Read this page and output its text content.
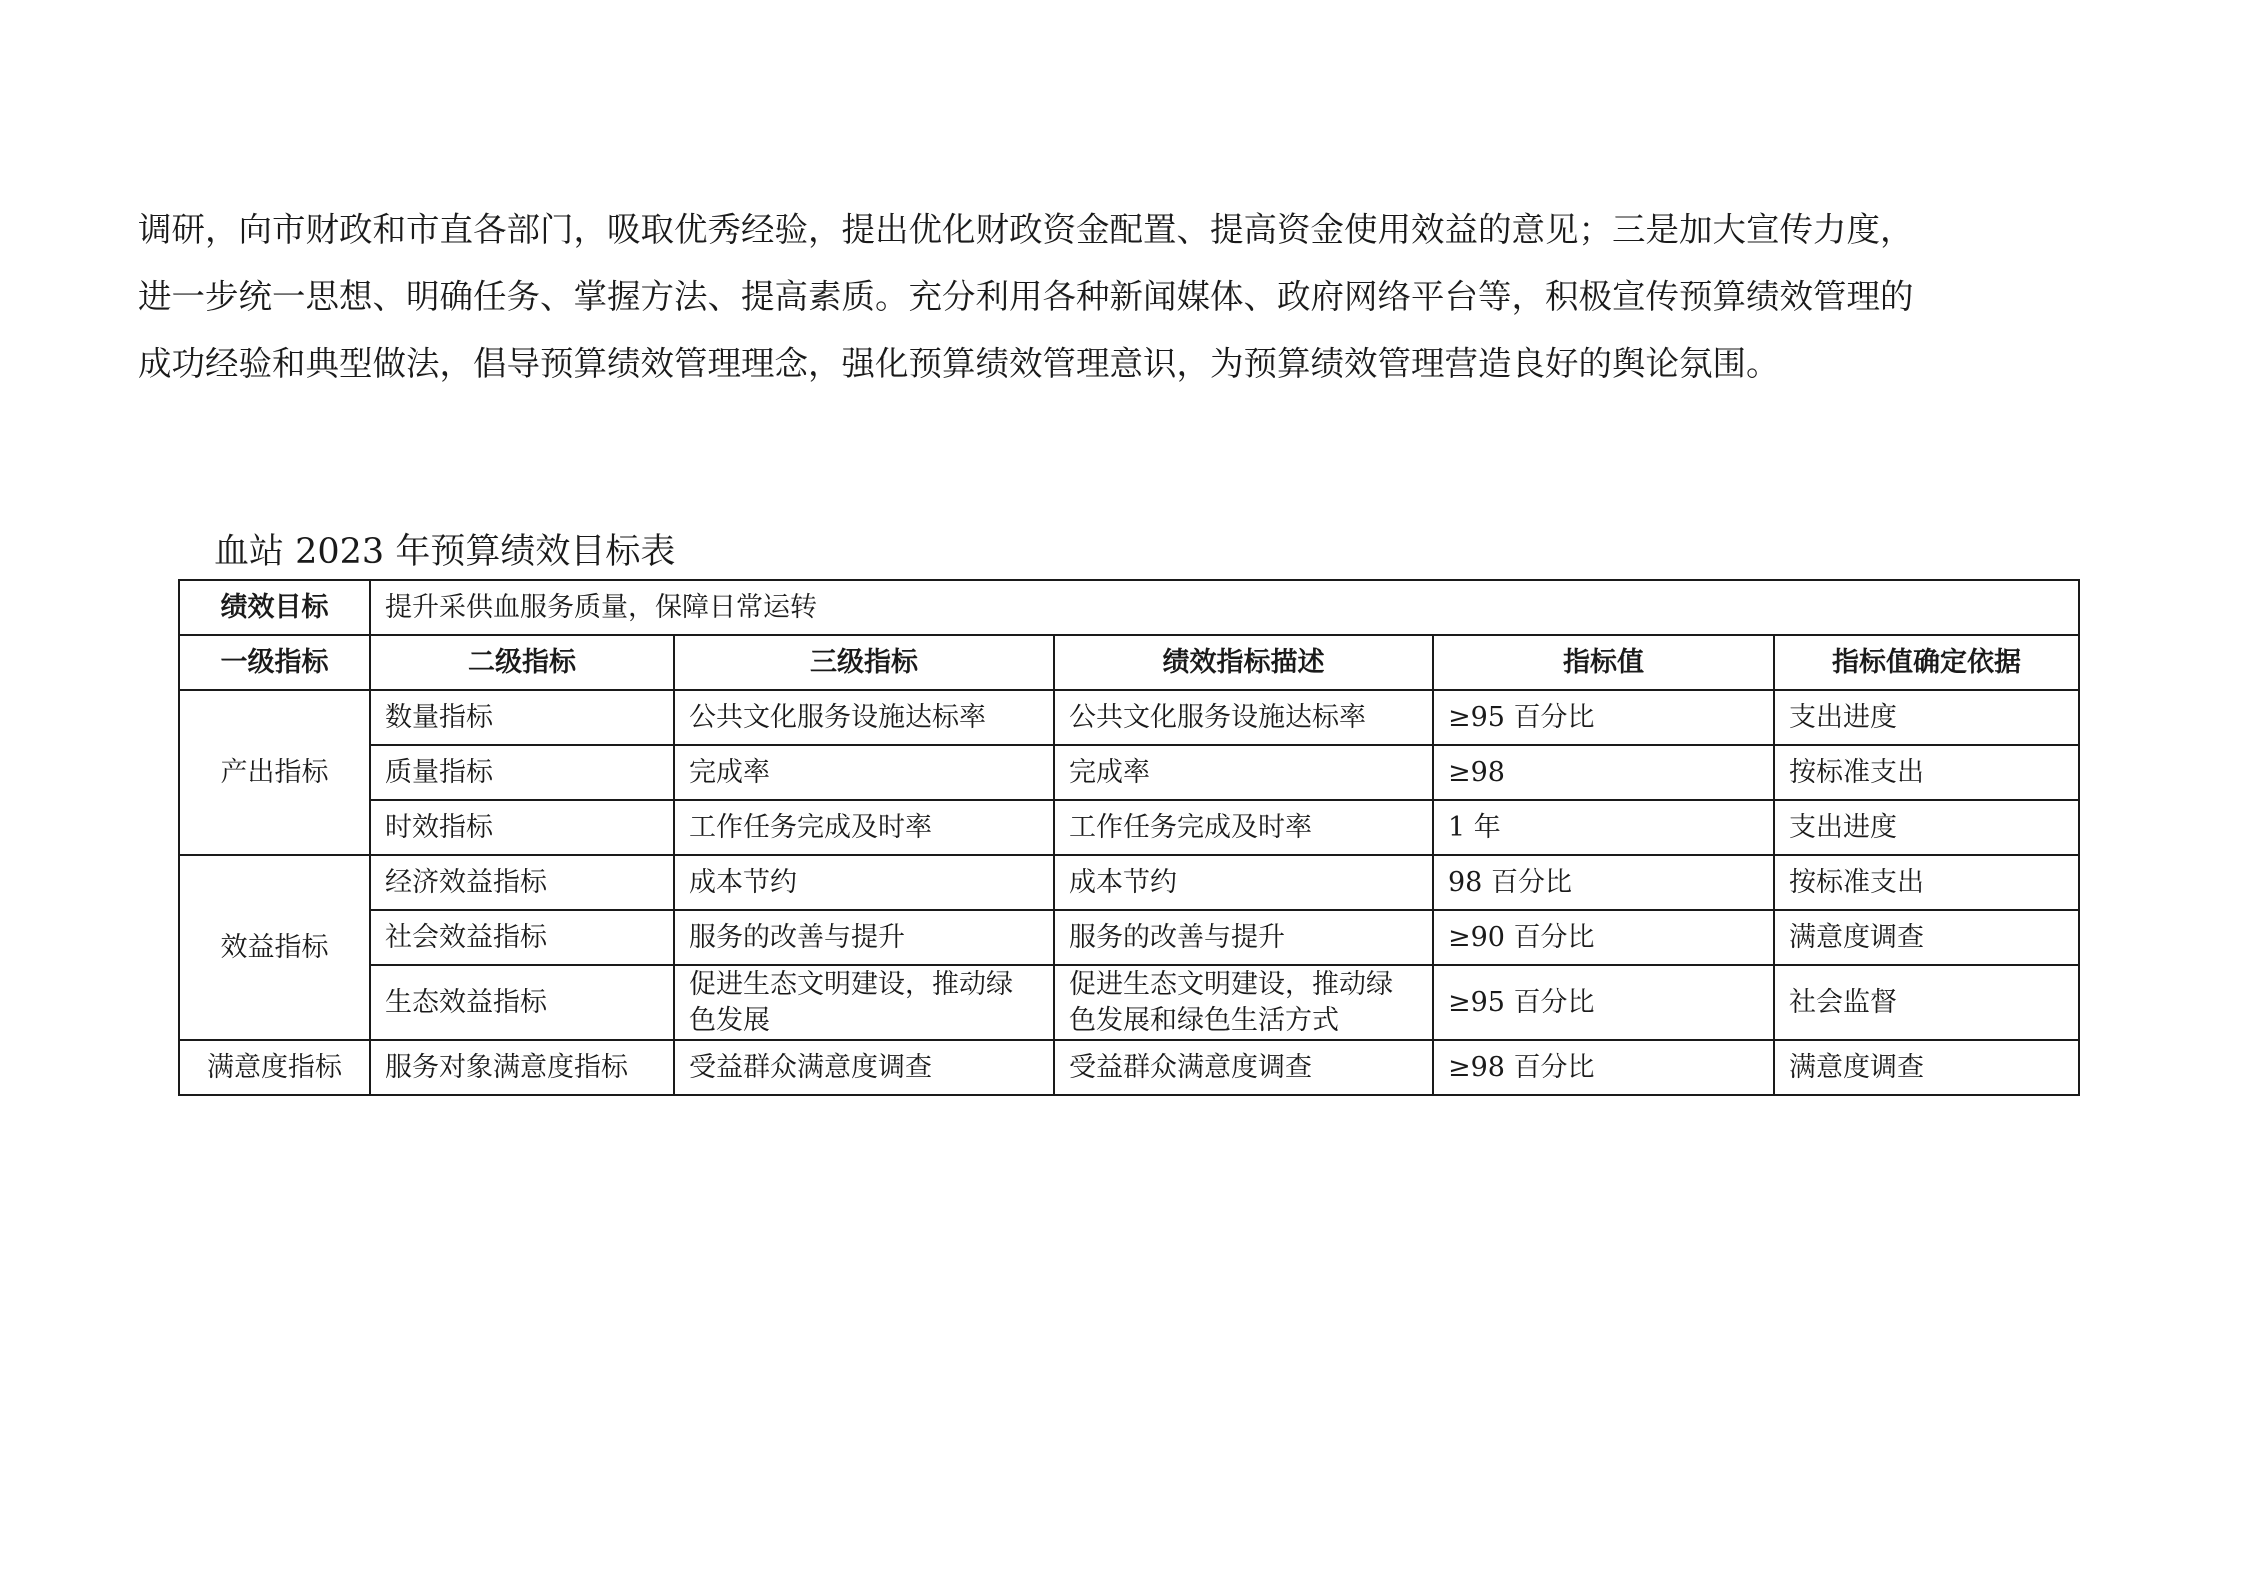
调研，向市财政和市直各部门，吸取优秀经验，提出优化财政资金配置、提高资金使用效益的意见；三是加大宣传力度，
进一步统一思想、明确任务、掌握方法、提高素质。充分利用各种新闻媒体、政府网络平台等，积极宣传预算绩效管理的
成功经验和典型做法，倡导预算绩效管理理念，强化预算绩效管理意识，为预算绩效管理营造良好的舆论氛围。
血站 2023 年预算绩效目标表
绩效目标	提升采供血服务质量，保障日常运转				
一级指标	二级指标	三级指标	绩效指标描述	指标值	指标值确定依据
产出指标	数量指标	公共文化服务设施达标率	公共文化服务设施达标率	≥95 百分比	支出进度
	质量指标	完成率	完成率	≥98	按标准支出
	时效指标	工作任务完成及时率	工作任务完成及时率	1 年	支出进度
效益指标	经济效益指标	成本节约	成本节约	98 百分比	按标准支出
	社会效益指标	服务的改善与提升	服务的改善与提升	≥90 百分比	满意度调查
	生态效益指标	促进生态文明建设，推动绿色发展	促进生态文明建设，推动绿色发展和绿色生活方式	≥95 百分比	社会监督
满意度指标	服务对象满意度指标	受益群众满意度调查	受益群众满意度调查	≥98 百分比	满意度调查
